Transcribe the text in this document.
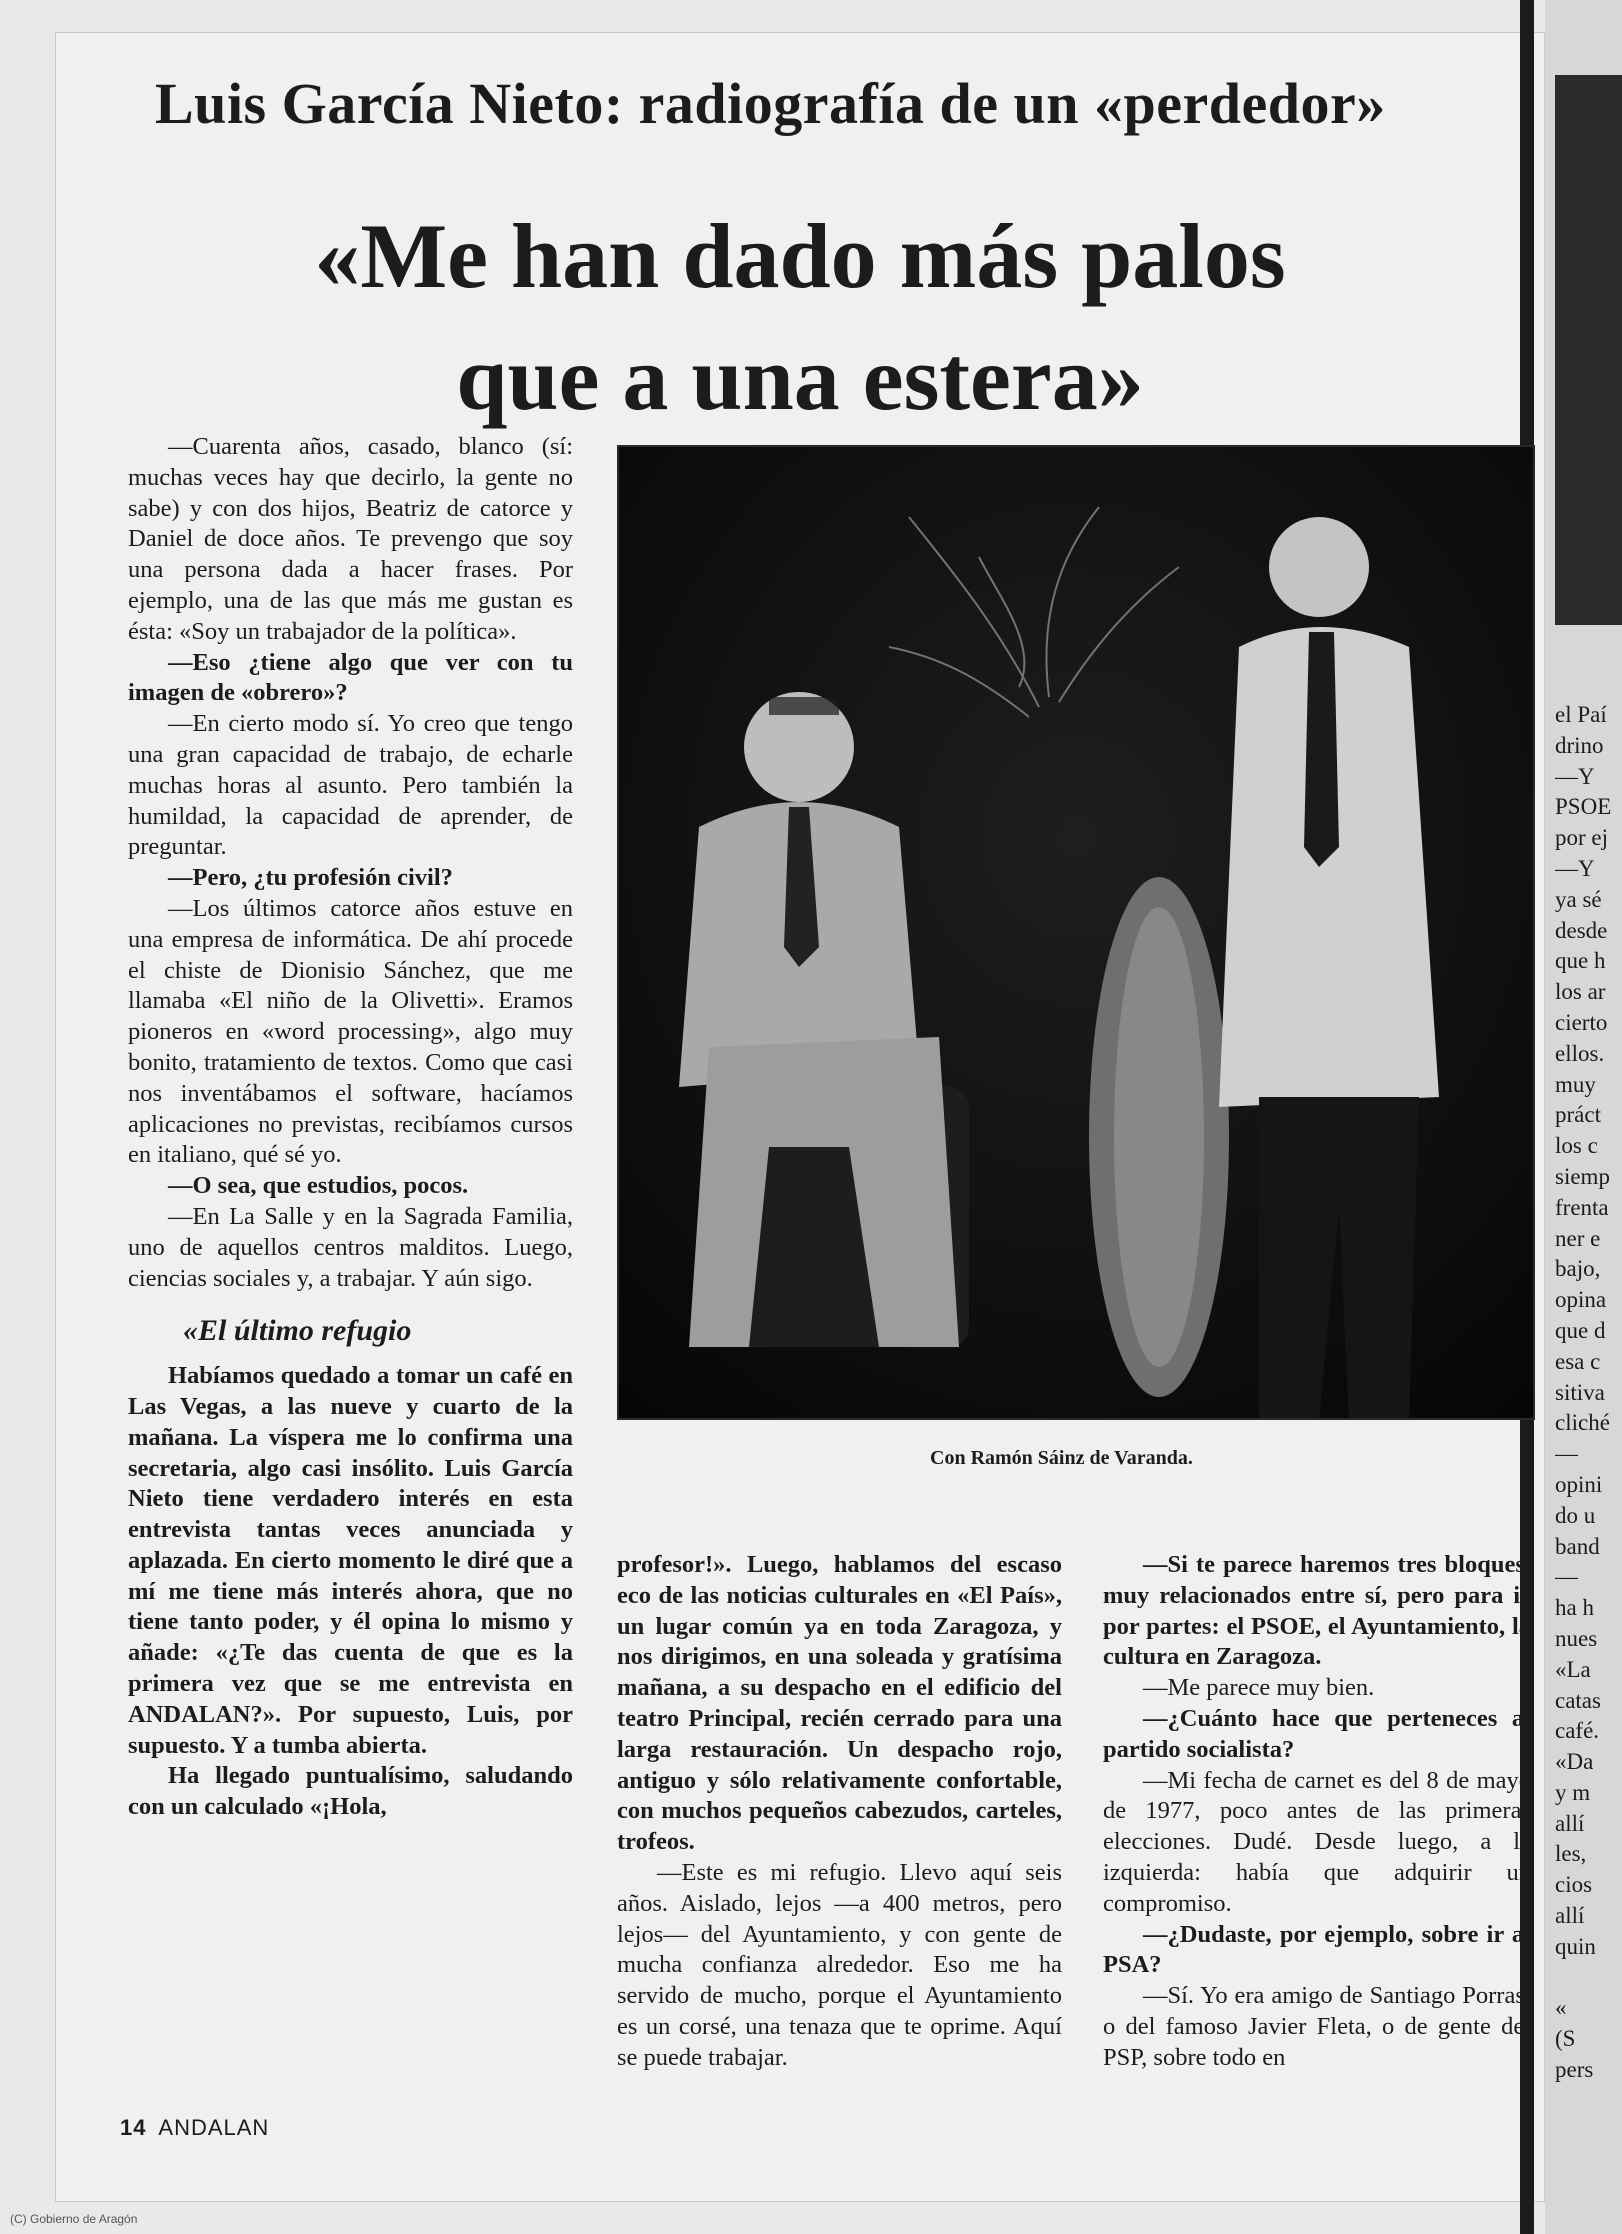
el Paí
drino
—Y
PSOE
por ej
—Y
ya sé
desde
que h
los ar
cierto
ellos.
muy
práct
los c
siemp
frenta
ner e
bajo,
opina
que d
esa c
sitiva
cliché
—
opini
do u
band
—
ha h
nues
«La
catas
café.
«Da
y m
allí
les,
cios
allí
quin

«
(S
pers
Luis García Nieto: radiografía de un «perdedor»
«Me han dado más palos
que a una estera»

—Cuarenta años, casado, blanco (sí: muchas veces hay que decirlo, la gente no sabe) y con dos hijos, Beatriz de catorce y Daniel de doce años. Te prevengo que soy una persona dada a hacer frases. Por ejemplo, una de las que más me gustan es ésta: «Soy un trabajador de la política».

—Eso ¿tiene algo que ver con tu imagen de «obrero»?

—En cierto modo sí. Yo creo que tengo una gran capacidad de trabajo, de echarle muchas horas al asunto. Pero también la humildad, la capacidad de aprender, de preguntar.

—Pero, ¿tu profesión civil?

—Los últimos catorce años estuve en una empresa de informática. De ahí procede el chiste de Dionisio Sánchez, que me llamaba «El niño de la Olivetti». Eramos pioneros en «word processing», algo muy bonito, tratamiento de textos. Como que casi nos inventábamos el software, hacíamos aplicaciones no previstas, recibíamos cursos en italiano, qué sé yo.

—O sea, que estudios, pocos.

—En La Salle y en la Sagrada Familia, uno de aquellos centros malditos. Luego, ciencias sociales y, a trabajar. Y aún sigo.

«El último refugio

Habíamos quedado a tomar un café en Las Vegas, a las nueve y cuarto de la mañana. La víspera me lo confirma una secretaria, algo casi insólito. Luis García Nieto tiene verdadero interés en esta entrevista tantas veces anunciada y aplazada. En cierto momento le diré que a mí me tiene más interés ahora, que no tiene tanto poder, y él opina lo mismo y añade: «¿Te das cuenta de que es la primera vez que se me entrevista en ANDALAN?». Por supuesto, Luis, por supuesto. Y a tumba abierta.

Ha llegado puntualísimo, saludando con un calculado «¡Hola,

Con Ramón Sáinz de Varanda.

profesor!». Luego, hablamos del escaso eco de las noticias culturales en «El País», un lugar común ya en toda Zaragoza, y nos dirigimos, en una soleada y gratísima mañana, a su despacho en el edificio del teatro Principal, recién cerrado para una larga restauración. Un despacho rojo, antiguo y sólo relativamente confortable, con muchos pequeños cabezudos, carteles, trofeos.

—Este es mi refugio. Llevo aquí seis años. Aislado, lejos —a 400 metros, pero lejos— del Ayuntamiento, y con gente de mucha confianza alrededor. Eso me ha servido de mucho, porque el Ayuntamiento es un corsé, una tenaza que te oprime. Aquí se puede trabajar.

—Si te parece haremos tres bloques, muy relacionados entre sí, pero para ir por partes: el PSOE, el Ayuntamiento, la cultura en Zaragoza.

—Me parece muy bien.

—¿Cuánto hace que perteneces al partido socialista?

—Mi fecha de carnet es del 8 de mayo de 1977, poco antes de las primeras elecciones. Dudé. Desde luego, a la izquierda: había que adquirir un compromiso.

—¿Dudaste, por ejemplo, sobre ir al PSA?

—Sí. Yo era amigo de Santiago Porras, o del famoso Javier Fleta, o de gente del PSP, sobre todo en

14 ANDALAN
(C) Gobierno de Aragón
